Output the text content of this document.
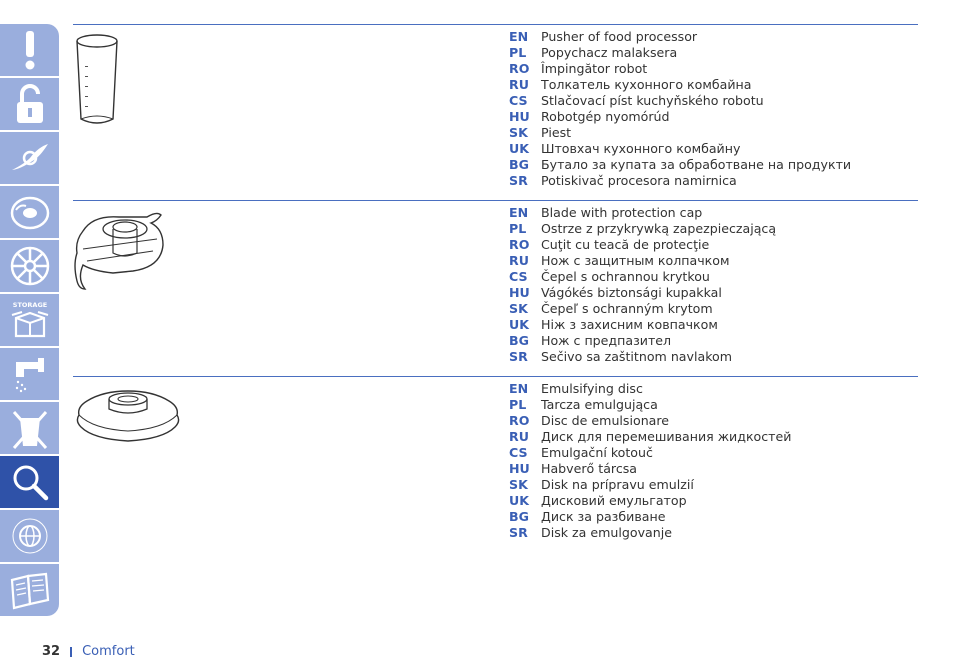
STORAGE
EN Pusher of food processor
PL Popychacz malaksera
RO Împingător robot
RU Толкатель кухонного комбайна
CS Stlačovací píst kuchyňského robotu
HU Robotgép nyomórúd
SK Piest
UK Штовхач кухонного комбайну
BG Бутало за купата за обработване на продукти
SR Potiskivač procesora namirnica
EN Blade with protection cap
PL Ostrze z przykrywką zapezpieczającą
RO Cuţit cu teacă de protecţie
RU Нож с защитным колпачком
CS Čepel s ochrannou krytkou
HU Vágókés biztonsági kupakkal
SK Čepeľ s ochranným krytom
UK Ніж з захисним ковпачком
BG Нож с предпазител
SR Sečivo sa zaštitnom navlakom
EN Emulsifying disc
PL Tarcza emulgująca
RO Disc de emulsionare
RU Диск для перемешивания жидкостей
CS Emulgační kotouč
HU Habverő tárcsa
SK Disk na prípravu emulzií
UK Дисковий емульгатор
BG Диск за разбиване
SR Disk za emulgovanje
32 Comfort
